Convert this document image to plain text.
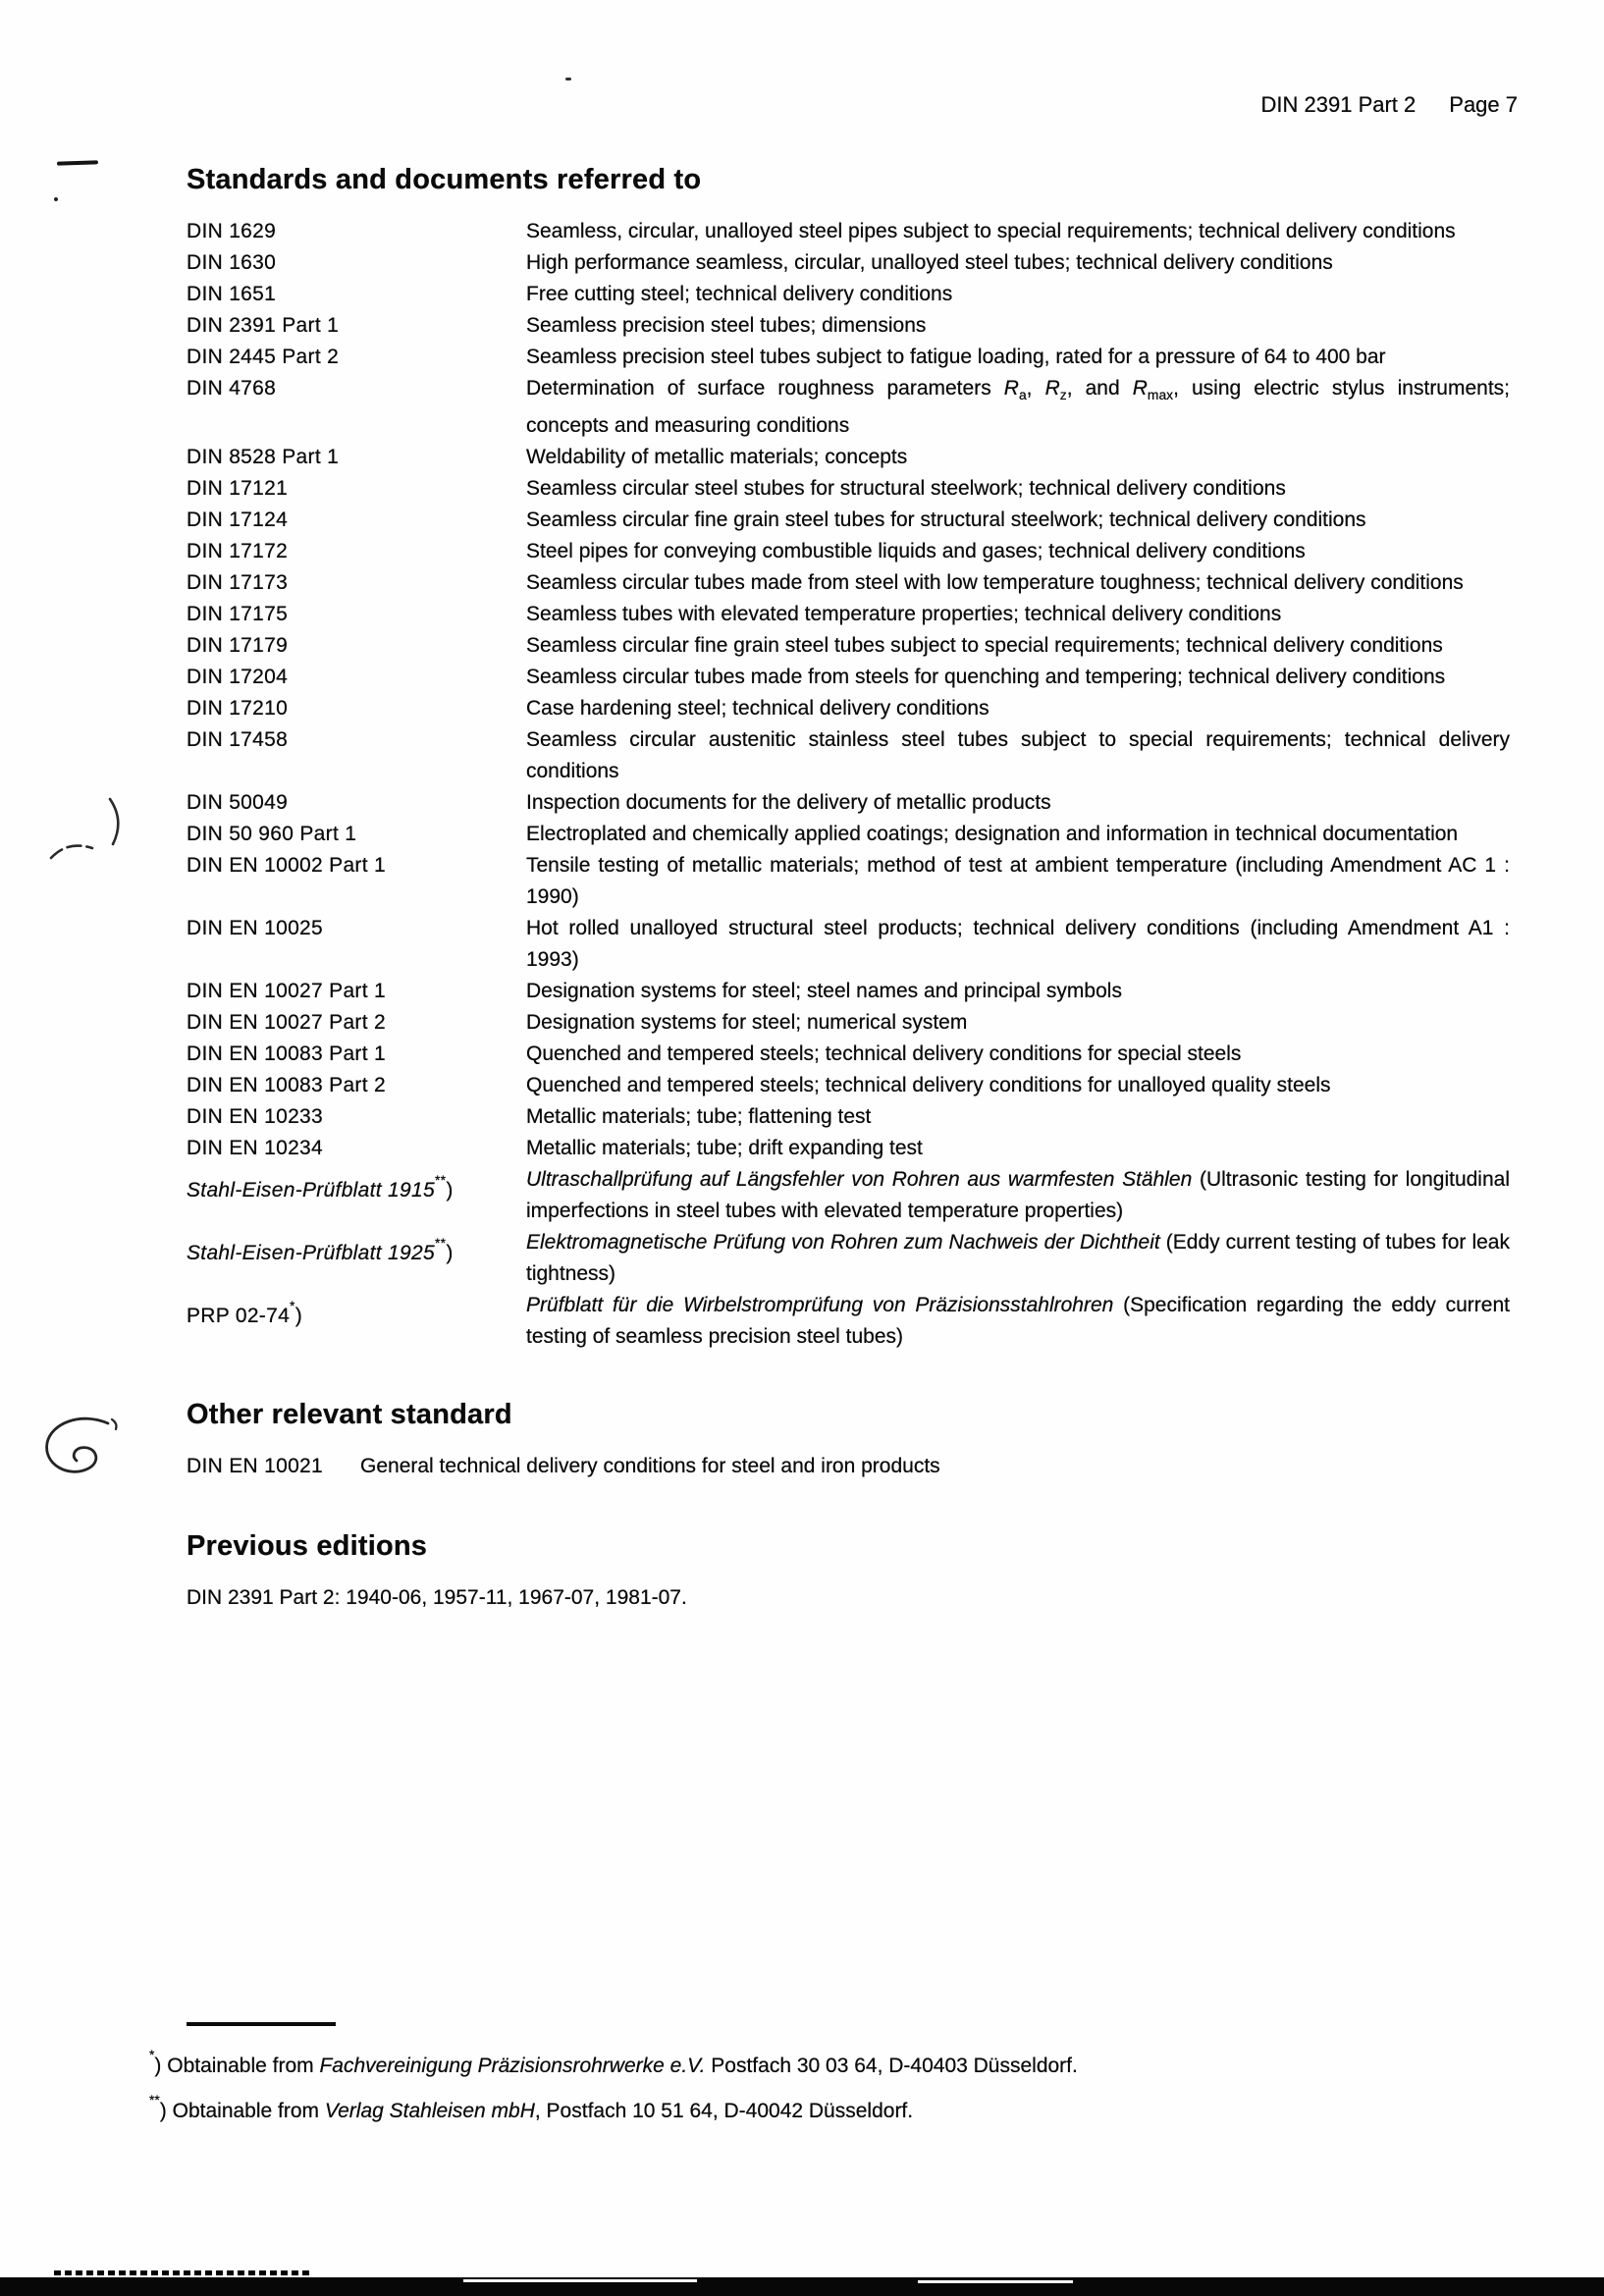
DIN 2391 Part 2 Page 7
Standards and documents referred to
DIN 1629	Seamless, circular, unalloyed steel pipes subject to special requirements; technical delivery conditions
DIN 1630	High performance seamless, circular, unalloyed steel tubes; technical delivery conditions
DIN 1651	Free cutting steel; technical delivery conditions
DIN 2391 Part 1	Seamless precision steel tubes; dimensions
DIN 2445 Part 2	Seamless precision steel tubes subject to fatigue loading, rated for a pressure of 64 to 400 bar
DIN 4768	Determination of surface roughness parameters $R_a$, $R_z$, and $R_{max}$, using electric stylus instruments; concepts and measuring conditions
DIN 8528 Part 1	Weldability of metallic materials; concepts
DIN 17121	Seamless circular steel stubes for structural steelwork; technical delivery conditions
DIN 17124	Seamless circular fine grain steel tubes for structural steelwork; technical delivery conditions
DIN 17172	Steel pipes for conveying combustible liquids and gases; technical delivery conditions
DIN 17173	Seamless circular tubes made from steel with low temperature toughness; technical delivery conditions
DIN 17175	Seamless tubes with elevated temperature properties; technical delivery conditions
DIN 17179	Seamless circular fine grain steel tubes subject to special requirements; technical delivery conditions
DIN 17204	Seamless circular tubes made from steels for quenching and tempering; technical delivery conditions
DIN 17210	Case hardening steel; technical delivery conditions
DIN 17458	Seamless circular austenitic stainless steel tubes subject to special requirements; technical delivery conditions
DIN 50049	Inspection documents for the delivery of metallic products
DIN 50 960 Part 1	Electroplated and chemically applied coatings; designation and information in technical documentation
DIN EN 10002 Part 1	Tensile testing of metallic materials; method of test at ambient temperature (including Amendment AC 1 : 1990)
DIN EN 10025	Hot rolled unalloyed structural steel products; technical delivery conditions (including Amendment A1 : 1993)
DIN EN 10027 Part 1	Designation systems for steel; steel names and principal symbols
DIN EN 10027 Part 2	Designation systems for steel; numerical system
DIN EN 10083 Part 1	Quenched and tempered steels; technical delivery conditions for special steels
DIN EN 10083 Part 2	Quenched and tempered steels; technical delivery conditions for unalloyed quality steels
DIN EN 10233	Metallic materials; tube; flattening test
DIN EN 10234	Metallic materials; tube; drift expanding test
Stahl-Eisen-Prüfblatt 1915**)	Ultraschallprüfung auf Längsfehler von Rohren aus warmfesten Stählen (Ultrasonic testing for longitudinal imperfections in steel tubes with elevated temperature properties)
Stahl-Eisen-Prüfblatt 1925**)	Elektromagnetische Prüfung von Rohren zum Nachweis der Dichtheit (Eddy current testing of tubes for leak tightness)
PRP 02-74*)	Prüfblatt für die Wirbelstromprüfung von Präzisionsstahlrohren (Specification regarding the eddy current testing of seamless precision steel tubes)
Other relevant standard

DIN EN 10021 General technical delivery conditions for steel and iron products

Previous editions

DIN 2391 Part 2: 1940-06, 1957-11, 1967-07, 1981-07.

*) Obtainable from Fachvereinigung Präzisionsrohrwerke e.V. Postfach 30 03 64, D-40403 Düsseldorf.

**) Obtainable from Verlag Stahleisen mbH, Postfach 10 51 64, D-40042 Düsseldorf.
